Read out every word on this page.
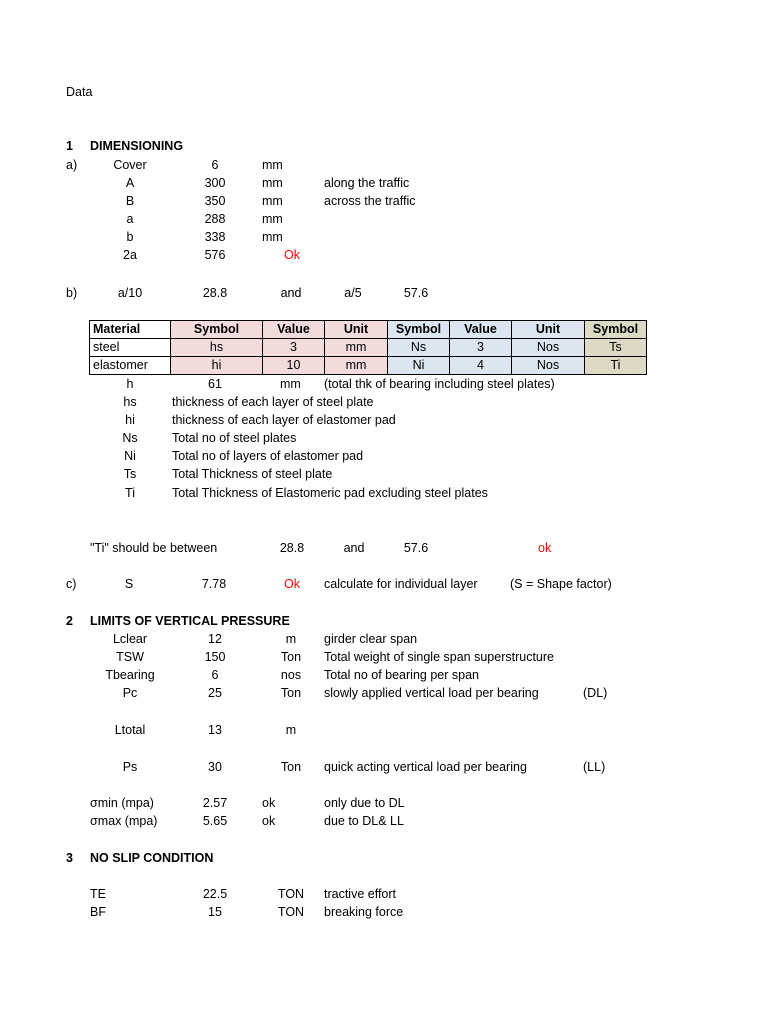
Data
1 DIMENSIONING
a)	Cover	6	mm
A	300	mm	along the traffic
B	350	mm	across the traffic
a	288	mm
b	338	mm
2a	576	Ok
b)	a/10	28.8	and	a/5	57.6
Material	Symbol	Value	Unit	Symbol	Value	Unit	Symbol
steel	hs	3	mm	Ns	3	Nos	Ts
elastomer	hi	10	mm	Ni	4	Nos	Ti
h	61	mm (total thk of bearing including steel plates)
hs	thickness of each layer of steel plate
hi	thickness of each layer of elastomer pad
Ns	Total no of steel plates
Ni	Total no of layers of elastomer pad
Ts	Total Thickness of steel plate
Ti	Total Thickness of Elastomeric pad excluding steel plates
"Ti" should be between	28.8	and	57.6	ok
c)	S	7.78	Ok calculate for individual layer	(S = Shape factor)
2 LIMITS OF VERTICAL PRESSURE
Lclear	12	m girder clear span
TSW	150	Ton Total weight of single span superstructure
Tbearing	6	nos Total no of bearing per span
Pc	25	Ton slowly applied vertical load per bearing	(DL)
Ltotal	13	m
Ps	30	Ton quick acting vertical load per bearing	(LL)
σmin (mpa)	2.57	ok	only due to DL
σmax (mpa)	5.65	ok	due to DL& LL
3 NO SLIP CONDITION
TE	22.5	TON tractive effort
BF	15	TON breaking force
